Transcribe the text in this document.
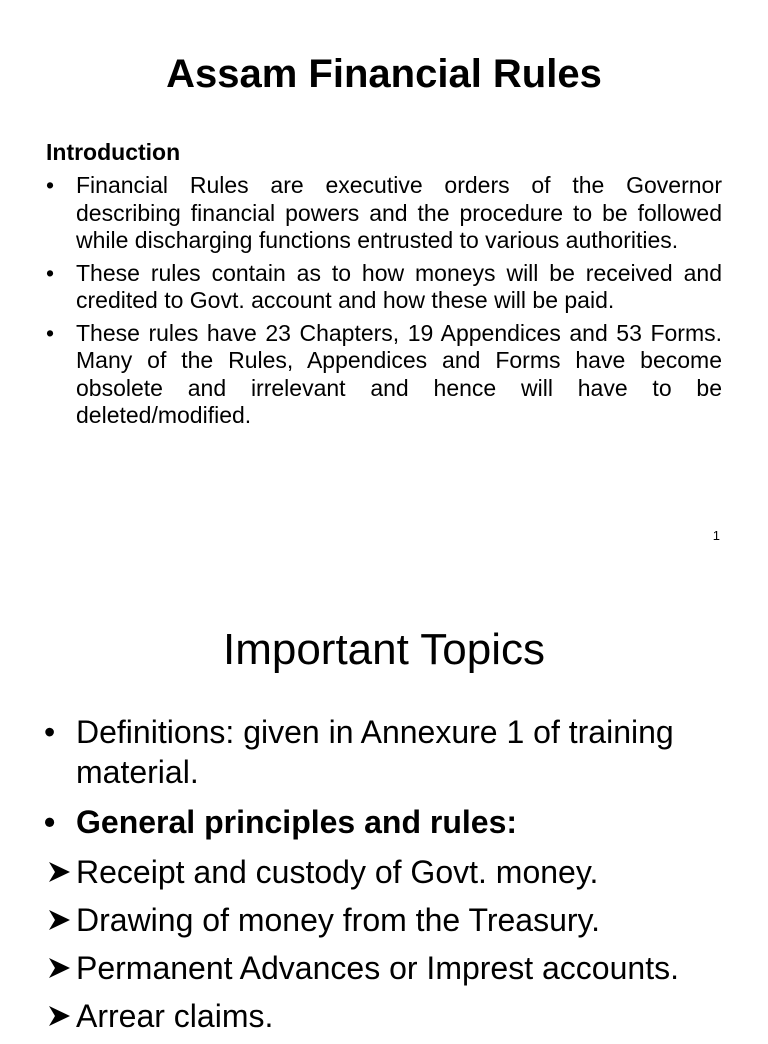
Assam Financial Rules

Introduction

• Financial Rules are executive orders of the Governor describing financial powers and the procedure to be followed while discharging functions entrusted to various authorities.
• These rules contain as to how moneys will be received and credited to Govt. account and how these will be paid.
• These rules have 23 Chapters, 19 Appendices and 53 Forms. Many of the Rules, Appendices and Forms have become obsolete and irrelevant and hence will have to be deleted/modified.
1
Important Topics
• Definitions: given in Annexure 1 of training material.
• General principles and rules:
Receipt and custody of Govt. money.
Drawing of money from the Treasury.
Permanent Advances or Imprest accounts.
Arrear claims.
